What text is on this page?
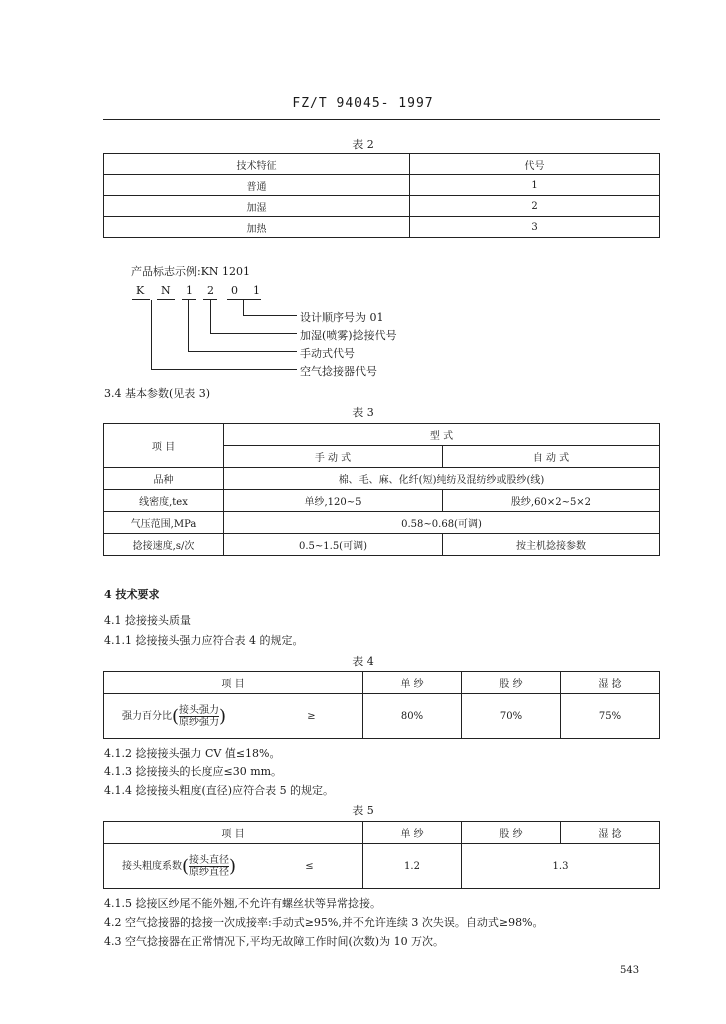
FZ/T 94045- 1997
表 2
技术特征	代号
普通	1
加湿	2
加热	3
产品标志示例:KN 1201
K N 1 2 0 1
设计顺序号为 01
加湿(喷雾)捻接代号
手动式代号
空气捻接器代号
3.4 基本参数(见表 3)
表 3
项 目	型 式	
	手 动 式	自 动 式
品种	棉、毛、麻、化纤(短)纯纺及混纺纱或股纱(线)	
线密度,tex	单纱,120~5	股纱,60×2~5×2
气压范围,MPa	0.58~0.68(可调)	
捻接速度,s/次	0.5~1.5(可调)	按主机捻接参数
4 技术要求
4.1 捻接接头质量
4.1.1 捻接接头强力应符合表 4 的规定。
表 4
项 目	单 纱	股 纱	湿 捻
强力百分比( $\frac{\text{接头强力}}{\text{原纱强力}}$) ≥	80%	70%	75%
4.1.2 捻接接头强力 CV 值≤18%。
4.1.3 捻接接头的长度应≤30 mm。
4.1.4 捻接接头粗度(直径)应符合表 5 的规定。
表 5
项 目	单 纱	股 纱	湿 捻
接头粗度系数( $\frac{\text{接头直径}}{\text{原纱直径}}$) ≤	1.2	1.3	
4.1.5 捻接区纱尾不能外翘,不允许有螺丝状等异常捻接。
4.2 空气捻接器的捻接一次成接率:手动式≥95%,并不允许连续 3 次失误。自动式≥98%。
4.3 空气捻接器在正常情况下,平均无故障工作时间(次数)为 10 万次。
543
